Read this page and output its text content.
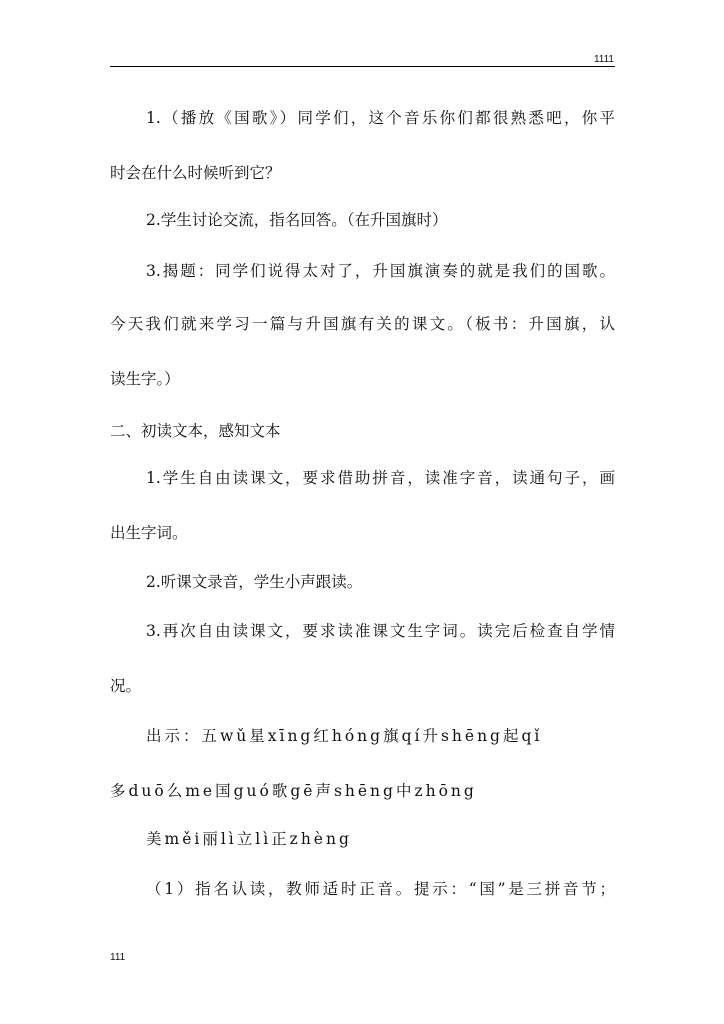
1111
1.（播放《国歌》）同学们，这个音乐你们都很熟悉吧，你平
时会在什么时候听到它？
2.学生讨论交流，指名回答。（在升国旗时）
3.揭题：同学们说得太对了，升国旗演奏的就是我们的国歌。
今天我们就来学习一篇与升国旗有关的课文。（板书：升国旗，认
读生字。）
二、初读文本，感知文本
1.学生自由读课文，要求借助拼音，读准字音，读通句子，画
出生字词。
2.听课文录音，学生小声跟读。
3.再次自由读课文，要求读准课文生字词。读完后检查自学情
况。
出示：五wǔ星xīng红hóng旗qí升shēng起qǐ
多duō么me国guó歌gē声shēng中zhōng
美měi丽lì立lì正zhèng
（1）指名认读，教师适时正音。提示：“国”是三拼音节；
111
